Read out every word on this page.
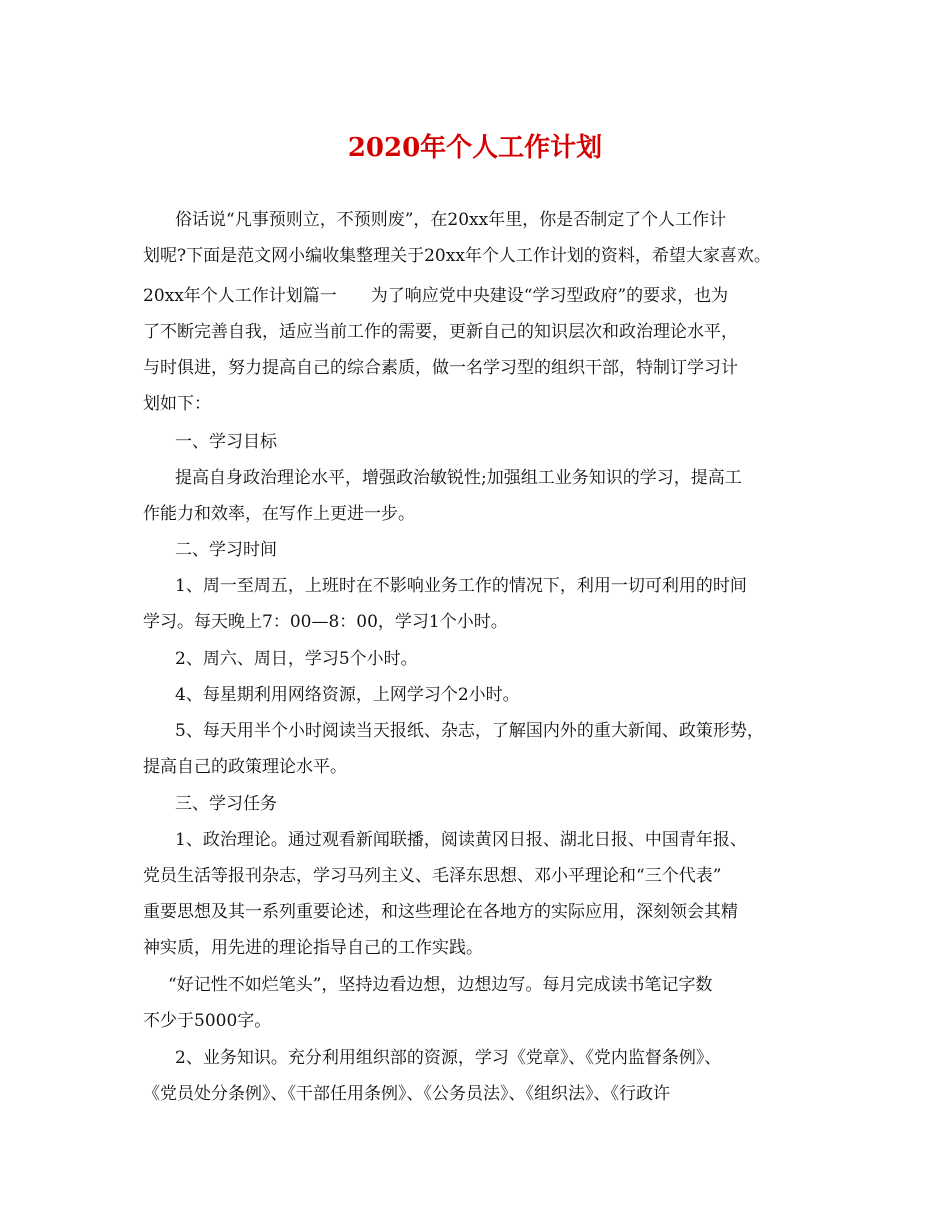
2020年个人工作计划
俗话说“凡事预则立，不预则废”，在20xx年里，你是否制定了个人工作计
划呢?下面是范文网小编收集整理关于20xx年个人工作计划的资料，希望大家喜欢。
20xx年个人工作计划篇一　　为了响应党中央建设“学习型政府”的要求，也为
了不断完善自我，适应当前工作的需要，更新自己的知识层次和政治理论水平，
与时俱进，努力提高自己的综合素质，做一名学习型的组织干部，特制订学习计
划如下：
一、学习目标
提高自身政治理论水平，增强政治敏锐性;加强组工业务知识的学习，提高工
作能力和效率，在写作上更进一步。
二、学习时间
1、周一至周五，上班时在不影响业务工作的情况下，利用一切可利用的时间
学习。每天晚上7：00—8：00，学习1个小时。
2、周六、周日，学习5个小时。
4、每星期利用网络资源，上网学习个2小时。
5、每天用半个小时阅读当天报纸、杂志，了解国内外的重大新闻、政策形势，
提高自己的政策理论水平。
三、学习任务
1、政治理论。通过观看新闻联播，阅读黄冈日报、湖北日报、中国青年报、
党员生活等报刊杂志，学习马列主义、毛泽东思想、邓小平理论和“三个代表”
重要思想及其一系列重要论述，和这些理论在各地方的实际应用，深刻领会其精
神实质，用先进的理论指导自己的工作实践。
“好记性不如烂笔头”，坚持边看边想，边想边写。每月完成读书笔记字数
不少于5000字。
2、业务知识。充分利用组织部的资源，学习《党章》、《党内监督条例》、
《党员处分条例》、《干部任用条例》、《公务员法》、《组织法》、《行政许
